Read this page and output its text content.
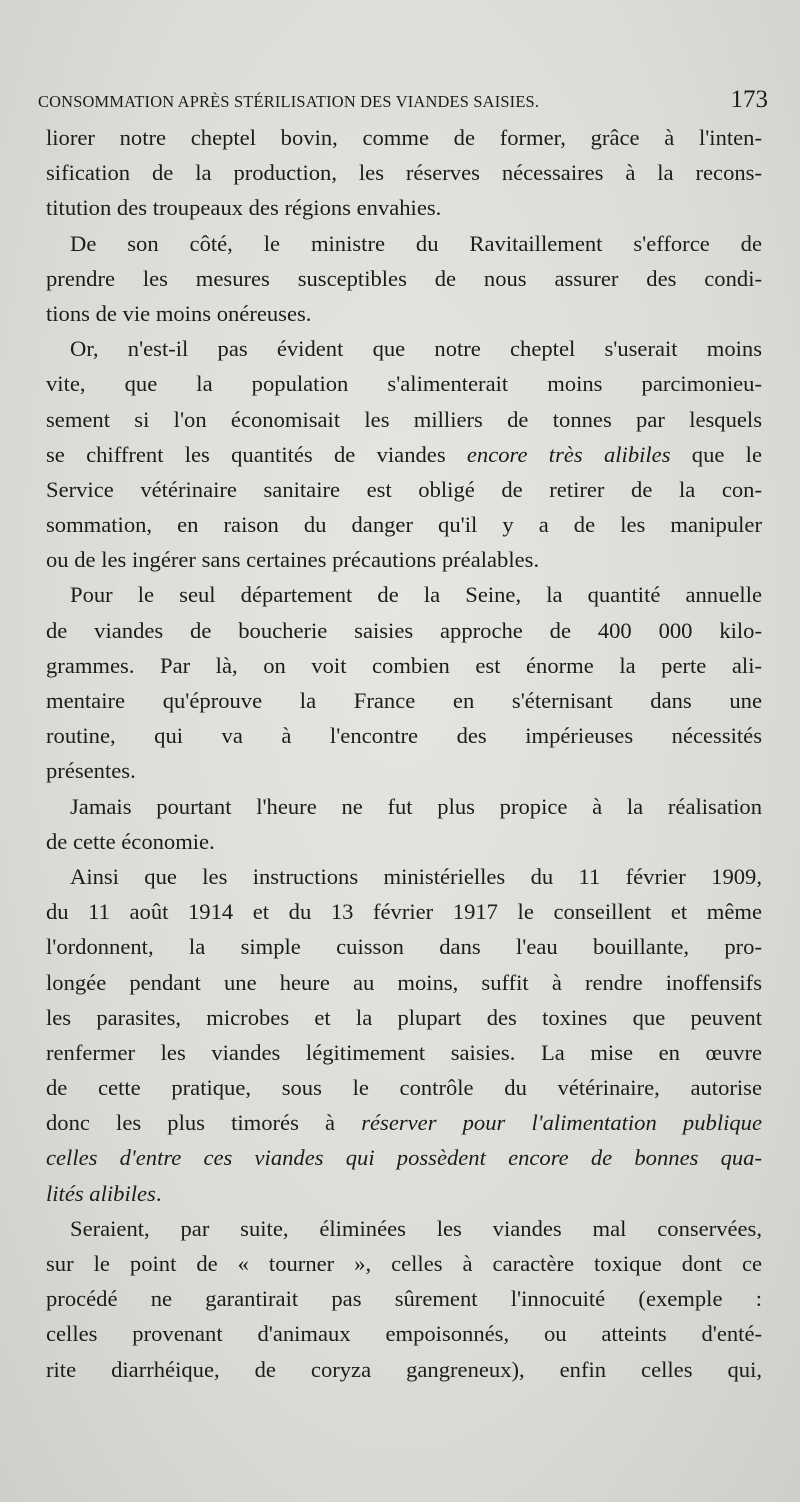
CONSOMMATION APRÈS STÉRILISATION DES VIANDES SAISIES.	173
liorer notre cheptel bovin, comme de former, grâce à l'inten-
sification de la production, les réserves nécessaires à la recons-
titution des troupeaux des régions envahies.
De son côté, le ministre du Ravitaillement s'efforce de
prendre les mesures susceptibles de nous assurer des condi-
tions de vie moins onéreuses.
Or, n'est-il pas évident que notre cheptel s'userait moins
vite, que la population s'alimenterait moins parcimonieu-
sement si l'on économisait les milliers de tonnes par lesquels
se chiffrent les quantités de viandes encore très alibiles que le
Service vétérinaire sanitaire est obligé de retirer de la con-
sommation, en raison du danger qu'il y a de les manipuler
ou de les ingérer sans certaines précautions préalables.
Pour le seul département de la Seine, la quantité annuelle
de viandes de boucherie saisies approche de 400 000 kilo-
grammes. Par là, on voit combien est énorme la perte ali-
mentaire qu'éprouve la France en s'éternisant dans une
routine, qui va à l'encontre des impérieuses nécessités
présentes.
Jamais pourtant l'heure ne fut plus propice à la réalisation
de cette économie.
Ainsi que les instructions ministérielles du 11 février 1909,
du 11 août 1914 et du 13 février 1917 le conseillent et même
l'ordonnent, la simple cuisson dans l'eau bouillante, pro-
longée pendant une heure au moins, suffit à rendre inoffensifs
les parasites, microbes et la plupart des toxines que peuvent
renfermer les viandes légitimement saisies. La mise en œuvre
de cette pratique, sous le contrôle du vétérinaire, autorise
donc les plus timorés à réserver pour l'alimentation publique
celles d'entre ces viandes qui possèdent encore de bonnes qua-
lités alibiles.
Seraient, par suite, éliminées les viandes mal conservées,
sur le point de « tourner », celles à caractère toxique dont ce
procédé ne garantirait pas sûrement l'innocuité (exemple :
celles provenant d'animaux empoisonnés, ou atteints d'enté-
rite diarrhéique, de coryza gangreneux), enfin celles qui,
